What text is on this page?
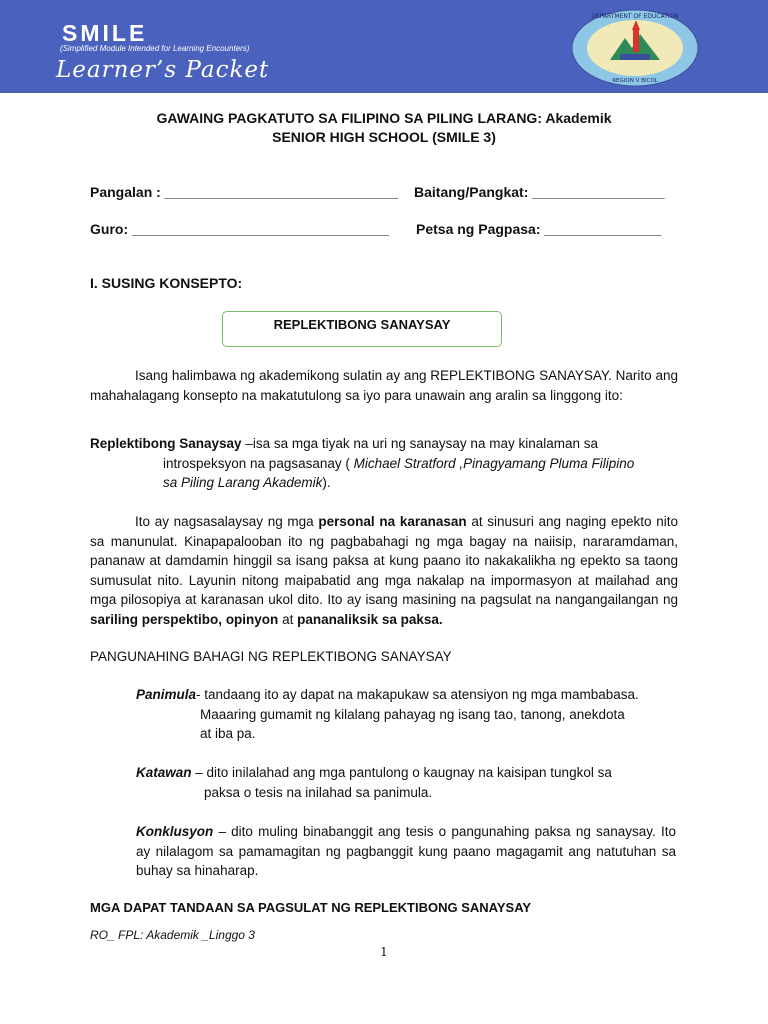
SMILE
(Simplified Module Intended for Learning Encounters)
Learner’s Packet
DEPARTMENT OF EDUCATION
REGION V BICOL
GAWAING PAGKATUTO SA FILIPINO SA PILING LARANG: Akademik
SENIOR HIGH SCHOOL (SMILE 3)
Pangalan : ______________________________ Baitang/Pangkat: _________________
Guro: _________________________________ Petsa ng Pagpasa: _______________
I. SUSING KONSEPTO:
REPLEKTIBONG SANAYSAY
Isang halimbawa ng akademikong sulatin ay ang REPLEKTIBONG SANAYSAY. Narito ang mahahalagang konsepto na makatutulong sa iyo para unawain ang aralin sa linggong ito:
Replektibong Sanaysay –isa sa mga tiyak na uri ng sanaysay na may kinalaman sa
introspeksyon na pagsasanay ( Michael Stratford ,Pinagyamang Pluma Filipino
sa Piling Larang Akademik).
Ito ay nagsasalaysay ng mga personal na karanasan at sinusuri ang naging epekto nito sa manunulat. Kinapapalooban ito ng pagbabahagi ng mga bagay na naiisip, nararamdaman, pananaw at damdamin hinggil sa isang paksa at kung paano ito nakakalikha ng epekto sa taong sumusulat nito. Layunin nitong maipabatid ang mga nakalap na impormasyon at mailahad ang mga pilosopiya at karanasan ukol dito. Ito ay isang masining na pagsulat na nangangailangan ng sariling perspektibo, opinyon at pananaliksik sa paksa.
PANGUNAHING BAHAGI NG REPLEKTIBONG SANAYSAY
Panimula- tandaang ito ay dapat na makapukaw sa atensiyon ng mga mambabasa.
Maaaring gumamit ng kilalang pahayag ng isang tao, tanong, anekdota
at iba pa.
Katawan – dito inilalahad ang mga pantulong o kaugnay na kaisipan tungkol sa
paksa o tesis na inilahad sa panimula.
Konklusyon – dito muling binabanggit ang tesis o pangunahing paksa ng sanaysay. Ito ay nilalagom sa pamamagitan ng pagbanggit kung paano magagamit ang natutuhan sa buhay sa hinaharap.
MGA DAPAT TANDAAN SA PAGSULAT NG REPLEKTIBONG SANAYSAY
RO_ FPL: Akademik _Linggo 3
1
